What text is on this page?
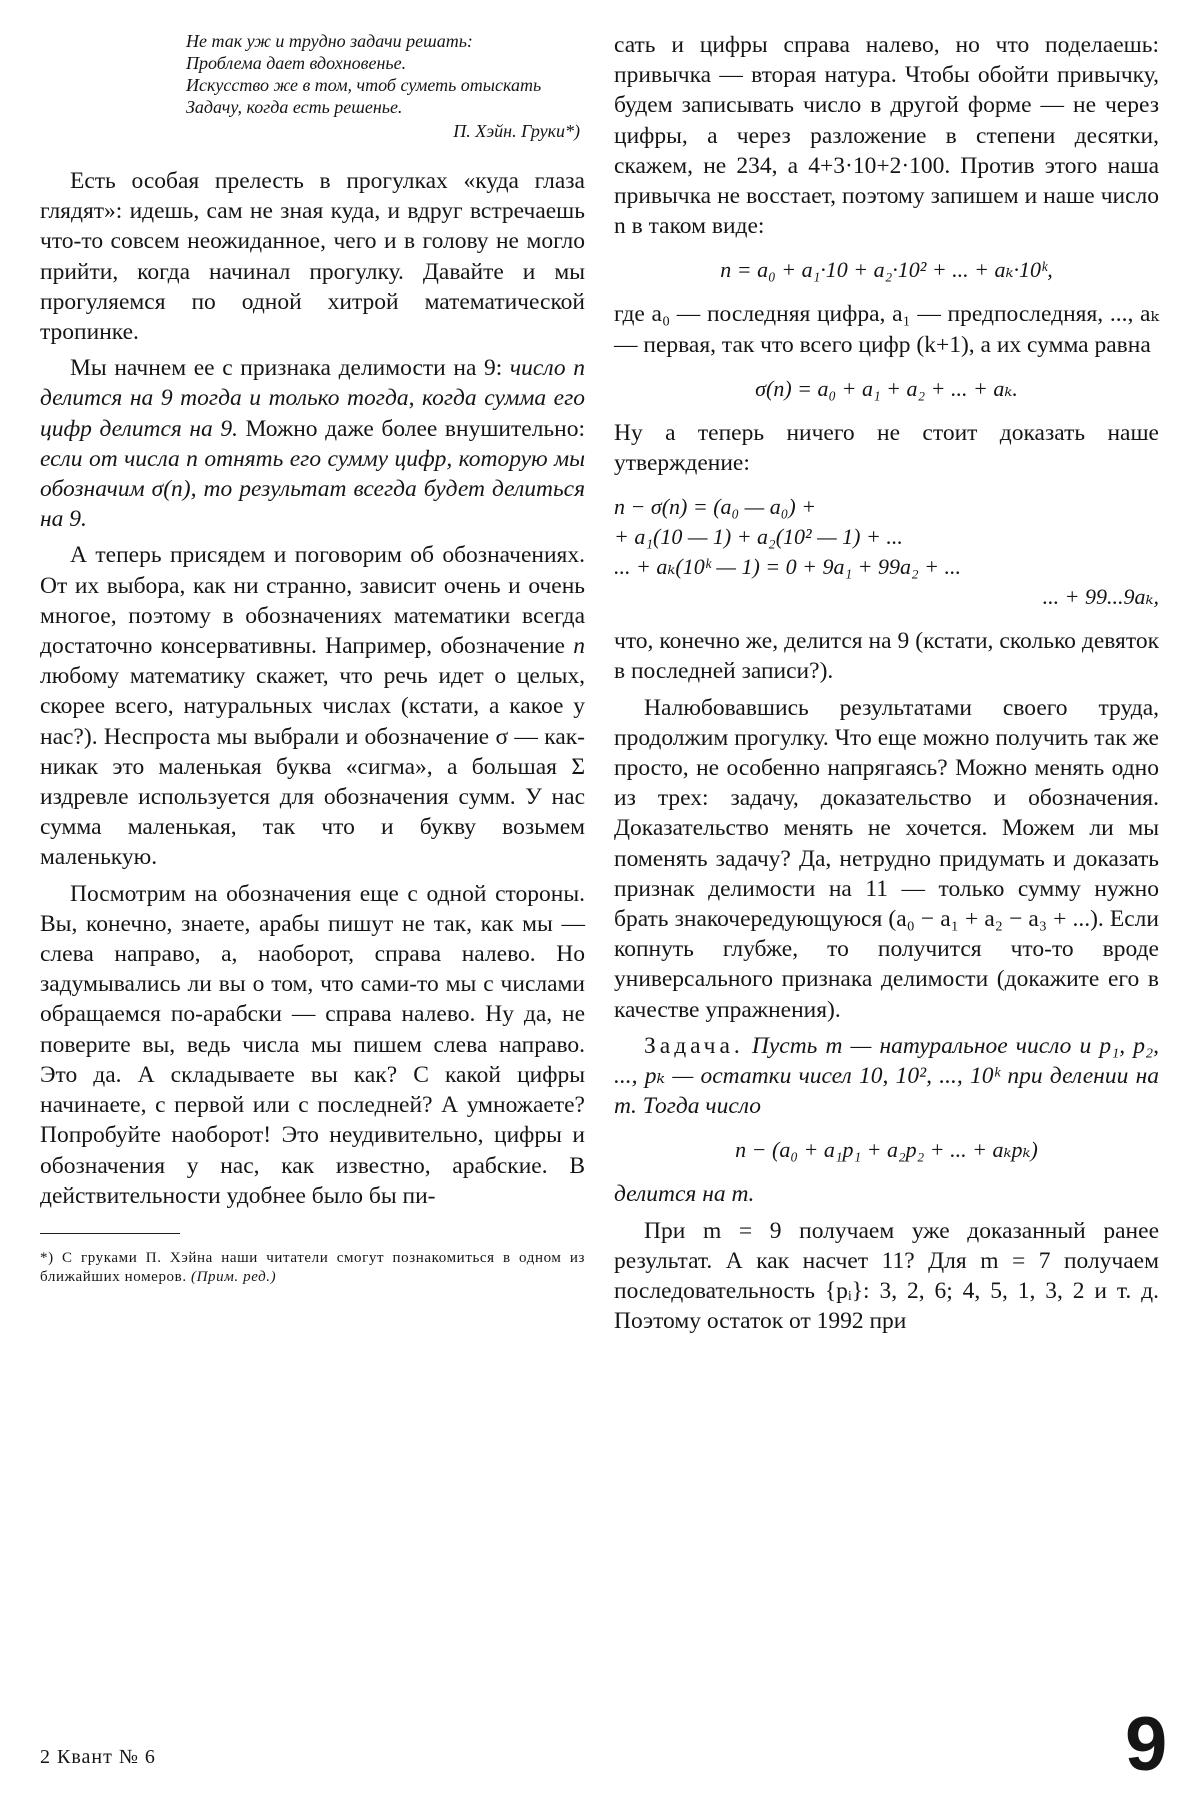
Не так уж и трудно задачи решать:
Проблема дает вдохновенье.
Искусство же в том, чтоб суметь отыскать
Задачу, когда есть решенье.
П. Хэйн. Груки*)

Есть особая прелесть в прогулках «куда глаза глядят»: идешь, сам не зная куда, и вдруг встречаешь что-то совсем неожиданное, чего и в голову не могло прийти, когда начинал прогулку. Давайте и мы прогуляемся по одной хитрой математической тропинке.

Мы начнем ее с признака делимости на 9: число n делится на 9 тогда и только тогда, когда сумма его цифр делится на 9. Можно даже более внушительно: если от числа n отнять его сумму цифр, которую мы обозначим σ(n), то результат всегда будет делиться на 9.

А теперь присядем и поговорим об обозначениях. От их выбора, как ни странно, зависит очень и очень многое, поэтому в обозначениях математики всегда достаточно консервативны. Например, обозначение n любому математику скажет, что речь идет о целых, скорее всего, натуральных числах (кстати, а какое у нас?). Неспроста мы выбрали и обозначение σ — как-никак это маленькая буква «сигма», а большая Σ издревле используется для обозначения сумм. У нас сумма маленькая, так что и букву возьмем маленькую.

Посмотрим на обозначения еще с одной стороны. Вы, конечно, знаете, арабы пишут не так, как мы — слева направо, а, наоборот, справа налево. Но задумывались ли вы о том, что сами-то мы с числами обращаемся по-арабски — справа налево. Ну да, не поверите вы, ведь числа мы пишем слева направо. Это да. А складываете вы как? С какой цифры начинаете, с первой или с последней? А умножаете? Попробуйте наоборот! Это неудивительно, цифры и обозначения у нас, как известно, арабские. В действительности удобнее было бы пи-

*) С груками П. Хэйна наши читатели смогут познакомиться в одном из ближайших номеров. (Прим. ред.)

сать и цифры справа налево, но что поделаешь: привычка — вторая натура. Чтобы обойти привычку, будем записывать число в другой форме — не через цифры, а через разложение в степени десятки, скажем, не 234, а 4+3·10+2·100. Против этого наша привычка не восстает, поэтому запишем и наше число n в таком виде:

n = a₀ + a₁·10 + a₂·10² + ... + aₖ·10ᵏ,

где a₀ — последняя цифра, a₁ — предпоследняя, ..., aₖ — первая, так что всего цифр (k+1), а их сумма равна

σ(n) = a₀ + a₁ + a₂ + ... + aₖ.

Ну а теперь ничего не стоит доказать наше утверждение:

n − σ(n) = (a₀ — a₀) +
+ a₁(10 — 1) + a₂(10² — 1) + ...
... + aₖ(10ᵏ — 1) = 0 + 9a₁ + 99a₂ + ...
... + 99...9aₖ,

что, конечно же, делится на 9 (кстати, сколько девяток в последней записи?).

Налюбовавшись результатами своего труда, продолжим прогулку. Что еще можно получить так же просто, не особенно напрягаясь? Можно менять одно из трех: задачу, доказательство и обозначения. Доказательство менять не хочется. Можем ли мы поменять задачу? Да, нетрудно придумать и доказать признак делимости на 11 — только сумму нужно брать знакочередующуюся (a₀ − a₁ + a₂ − a₃ + ...). Если копнуть глубже, то получится что-то вроде универсального признака делимости (докажите его в качестве упражнения).

Задача. Пусть m — натуральное число и p₁, p₂, ..., pₖ — остатки чисел 10, 10², ..., 10ᵏ при делении на m. Тогда число

n − (a₀ + a₁p₁ + a₂p₂ + ... + aₖpₖ)

делится на m.

При m = 9 получаем уже доказанный ранее результат. А как насчет 11? Для m = 7 получаем последовательность {pᵢ}: 3, 2, 6; 4, 5, 1, 3, 2 и т. д. Поэтому остаток от 1992 при

2 Квант № 6	9
